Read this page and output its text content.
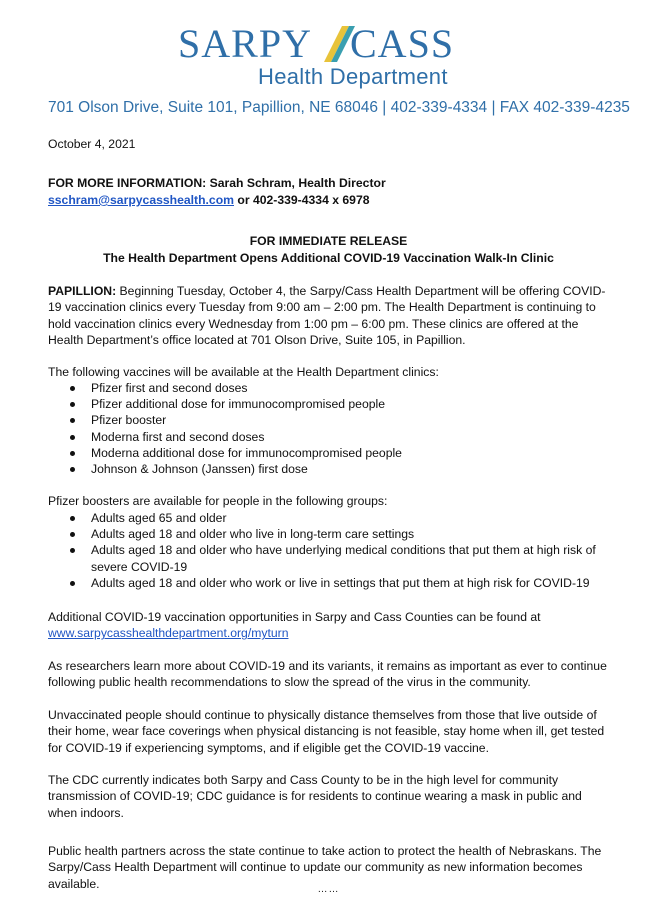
SARPY CASS
Health Department
701 Olson Drive, Suite 101, Papillion, NE 68046 | 402-339-4334 | FAX 402-339-4235
October 4, 2021
FOR MORE INFORMATION: Sarah Schram, Health Director
sschram@sarpycasshealth.com or 402-339-4334 x 6978
FOR IMMEDIATE RELEASE
The Health Department Opens Additional COVID-19 Vaccination Walk-In Clinic
PAPILLION: Beginning Tuesday, October 4, the Sarpy/Cass Health Department will be offering COVID-19 vaccination clinics every Tuesday from 9:00 am – 2:00 pm. The Health Department is continuing to hold vaccination clinics every Wednesday from 1:00 pm – 6:00 pm. These clinics are offered at the Health Department’s office located at 701 Olson Drive, Suite 105, in Papillion.
The following vaccines will be available at the Health Department clinics:
Pfizer first and second doses
Pfizer additional dose for immunocompromised people
Pfizer booster
Moderna first and second doses
Moderna additional dose for immunocompromised people
Johnson & Johnson (Janssen) first dose
Pfizer boosters are available for people in the following groups:
Adults aged 65 and older
Adults aged 18 and older who live in long-term care settings
Adults aged 18 and older who have underlying medical conditions that put them at high risk of severe COVID-19
Adults aged 18 and older who work or live in settings that put them at high risk for COVID-19
Additional COVID-19 vaccination opportunities in Sarpy and Cass Counties can be found at
www.sarpycasshealthdepartment.org/myturn
As researchers learn more about COVID-19 and its variants, it remains as important as ever to continue following public health recommendations to slow the spread of the virus in the community.
Unvaccinated people should continue to physically distance themselves from those that live outside of their home, wear face coverings when physical distancing is not feasible, stay home when ill, get tested for COVID-19 if experiencing symptoms, and if eligible get the COVID-19 vaccine.
The CDC currently indicates both Sarpy and Cass County to be in the high level for community transmission of COVID-19; CDC guidance is for residents to continue wearing a mask in public and when indoors.
Public health partners across the state continue to take action to protect the health of Nebraskans. The Sarpy/Cass Health Department will continue to update our community as new information becomes available.	……
